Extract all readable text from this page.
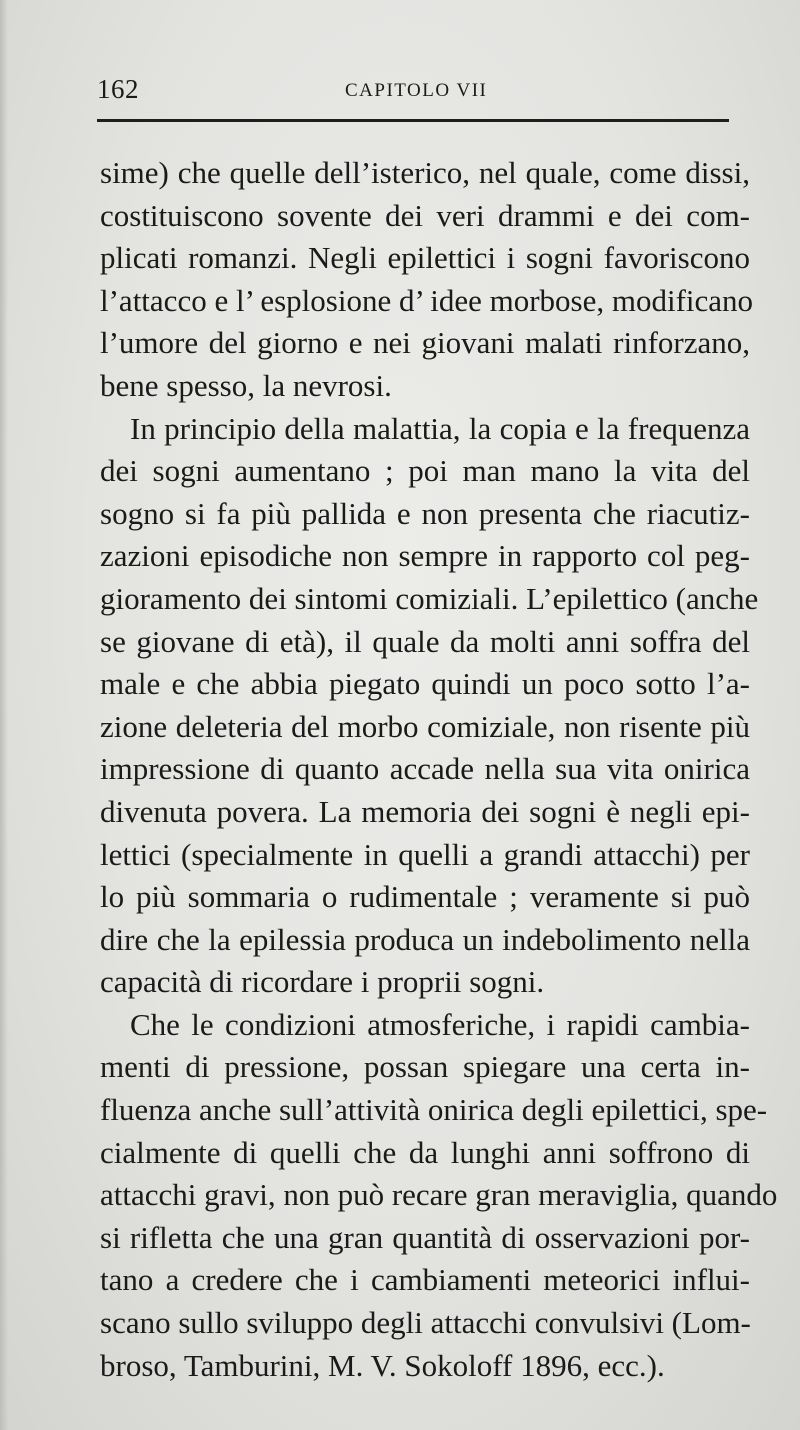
162	CAPITOLO VII
sime) che quelle dell’isterico, nel quale, come dissi,
costituiscono sovente dei veri drammi e dei com-
plicati romanzi. Negli epilettici i sogni favoriscono
l’attacco e l’ esplosione d’ idee morbose, modificano
l’umore del giorno e nei giovani malati rinforzano,
bene spesso, la nevrosi.
In principio della malattia, la copia e la frequenza
dei sogni aumentano ; poi man mano la vita del
sogno si fa più pallida e non presenta che riacutiz-
zazioni episodiche non sempre in rapporto col peg-
gioramento dei sintomi comiziali. L’epilettico (anche
se giovane di età), il quale da molti anni soffra del
male e che abbia piegato quindi un poco sotto l’a-
zione deleteria del morbo comiziale, non risente più
impressione di quanto accade nella sua vita onirica
divenuta povera. La memoria dei sogni è negli epi-
lettici (specialmente in quelli a grandi attacchi) per
lo più sommaria o rudimentale ; veramente si può
dire che la epilessia produca un indebolimento nella
capacità di ricordare i proprii sogni.
Che le condizioni atmosferiche, i rapidi cambia-
menti di pressione, possan spiegare una certa in-
fluenza anche sull’attività onirica degli epilettici, spe-
cialmente di quelli che da lunghi anni soffrono di
attacchi gravi, non può recare gran meraviglia, quando
si rifletta che una gran quantità di osservazioni por-
tano a credere che i cambiamenti meteorici influi-
scano sullo sviluppo degli attacchi convulsivi (Lom-
broso, Tamburini, M. V. Sokoloff 1896, ecc.).
